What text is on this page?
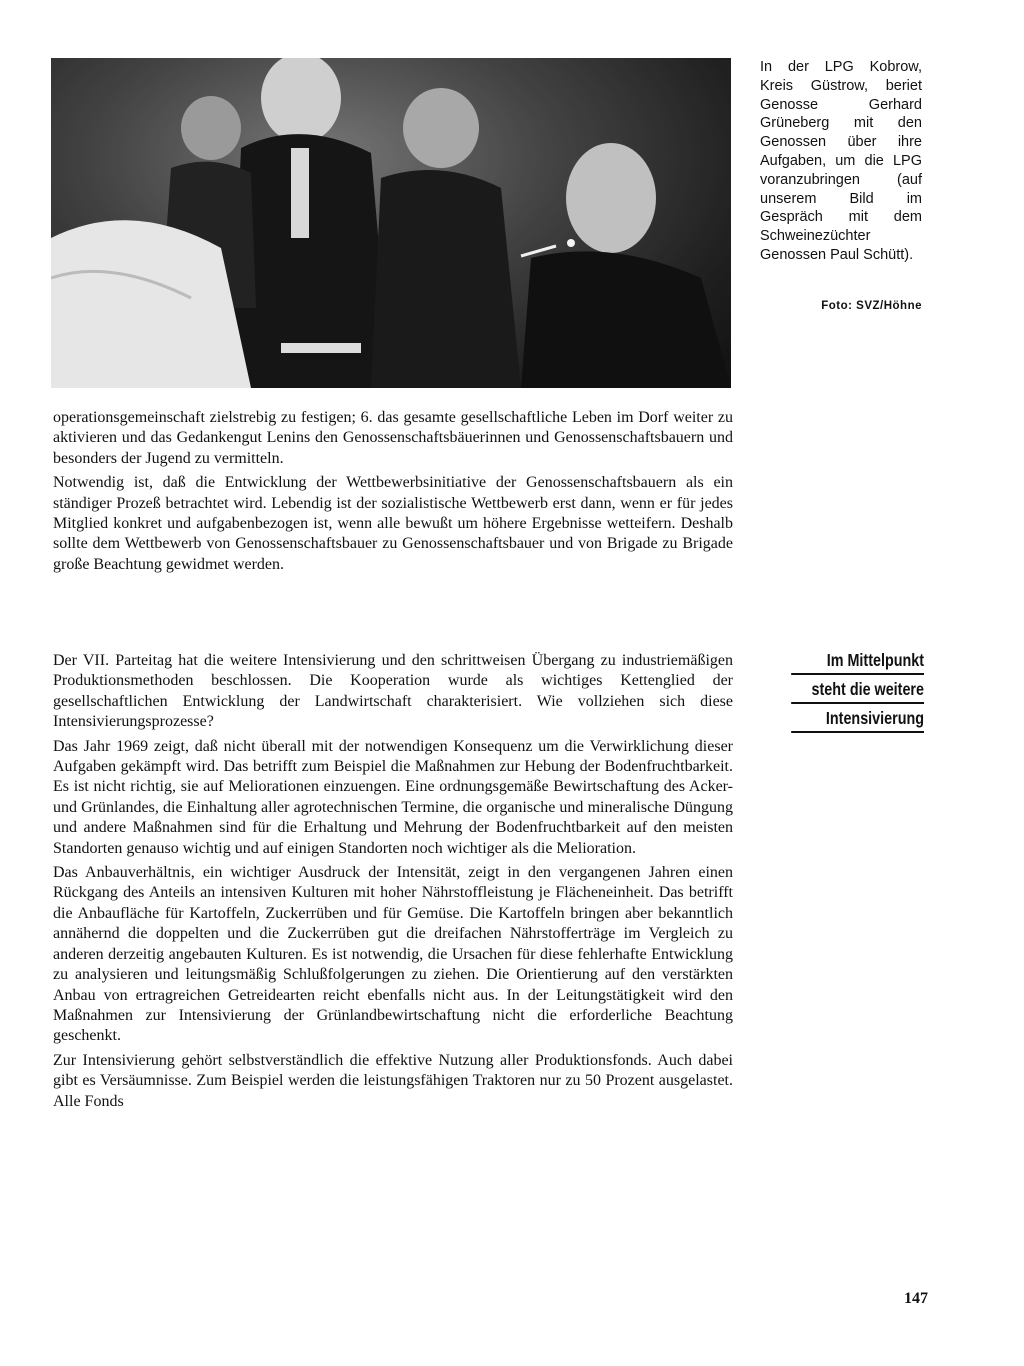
In der LPG Kobrow, Kreis Güstrow, beriet Genosse Gerhard Grüneberg mit den Genossen über ihre Aufgaben, um die LPG voranzubringen (auf unserem Bild im Gespräch mit dem Schweinezüchter Genossen Paul Schütt).
Foto: SVZ/Höhne

operationsgemeinschaft zielstrebig zu festigen; 6. das gesamte gesellschaftliche Leben im Dorf weiter zu aktivieren und das Gedankengut Lenins den Genossenschaftsbäuerinnen und Genossenschaftsbauern und besonders der Jugend zu vermitteln.

Notwendig ist, daß die Entwicklung der Wettbewerbsinitiative der Genossenschaftsbauern als ein ständiger Prozeß betrachtet wird. Lebendig ist der sozialistische Wettbewerb erst dann, wenn er für jedes Mitglied konkret und aufgabenbezogen ist, wenn alle bewußt um höhere Ergebnisse wetteifern. Deshalb sollte dem Wettbewerb von Genossenschaftsbauer zu Genossenschaftsbauer und von Brigade zu Brigade große Beachtung gewidmet werden.

Im Mittelpunkt
steht die weitere
Intensivierung

Der VII. Parteitag hat die weitere Intensivierung und den schrittweisen Übergang zu industriemäßigen Produktionsmethoden beschlossen. Die Kooperation wurde als wichtiges Kettenglied der gesellschaftlichen Entwicklung der Landwirtschaft charakterisiert. Wie vollziehen sich diese Intensivierungsprozesse?

Das Jahr 1969 zeigt, daß nicht überall mit der notwendigen Konsequenz um die Verwirklichung dieser Aufgaben gekämpft wird. Das betrifft zum Beispiel die Maßnahmen zur Hebung der Bodenfruchtbarkeit. Es ist nicht richtig, sie auf Meliorationen einzuengen. Eine ordnungsgemäße Bewirtschaftung des Acker- und Grünlandes, die Einhaltung aller agrotechnischen Termine, die organische und mineralische Düngung und andere Maßnahmen sind für die Erhaltung und Mehrung der Bodenfruchtbarkeit auf den meisten Standorten genauso wichtig und auf einigen Standorten noch wichtiger als die Melioration.

Das Anbauverhältnis, ein wichtiger Ausdruck der Intensität, zeigt in den vergangenen Jahren einen Rückgang des Anteils an intensiven Kulturen mit hoher Nährstoffleistung je Flächeneinheit. Das betrifft die Anbaufläche für Kartoffeln, Zuckerrüben und für Gemüse. Die Kartoffeln bringen aber bekanntlich annähernd die doppelten und die Zuckerrüben gut die dreifachen Nährstofferträge im Vergleich zu anderen derzeitig angebauten Kulturen. Es ist notwendig, die Ursachen für diese fehlerhafte Entwicklung zu analysieren und leitungsmäßig Schlußfolgerungen zu ziehen. Die Orientierung auf den verstärkten Anbau von ertragreichen Getreidearten reicht ebenfalls nicht aus. In der Leitungstätigkeit wird den Maßnahmen zur Intensivierung der Grünlandbewirtschaftung nicht die erforderliche Beachtung geschenkt.

Zur Intensivierung gehört selbstverständlich die effektive Nutzung aller Produktionsfonds. Auch dabei gibt es Versäumnisse. Zum Beispiel werden die leistungsfähigen Traktoren nur zu 50 Prozent ausgelastet. Alle Fonds

147
